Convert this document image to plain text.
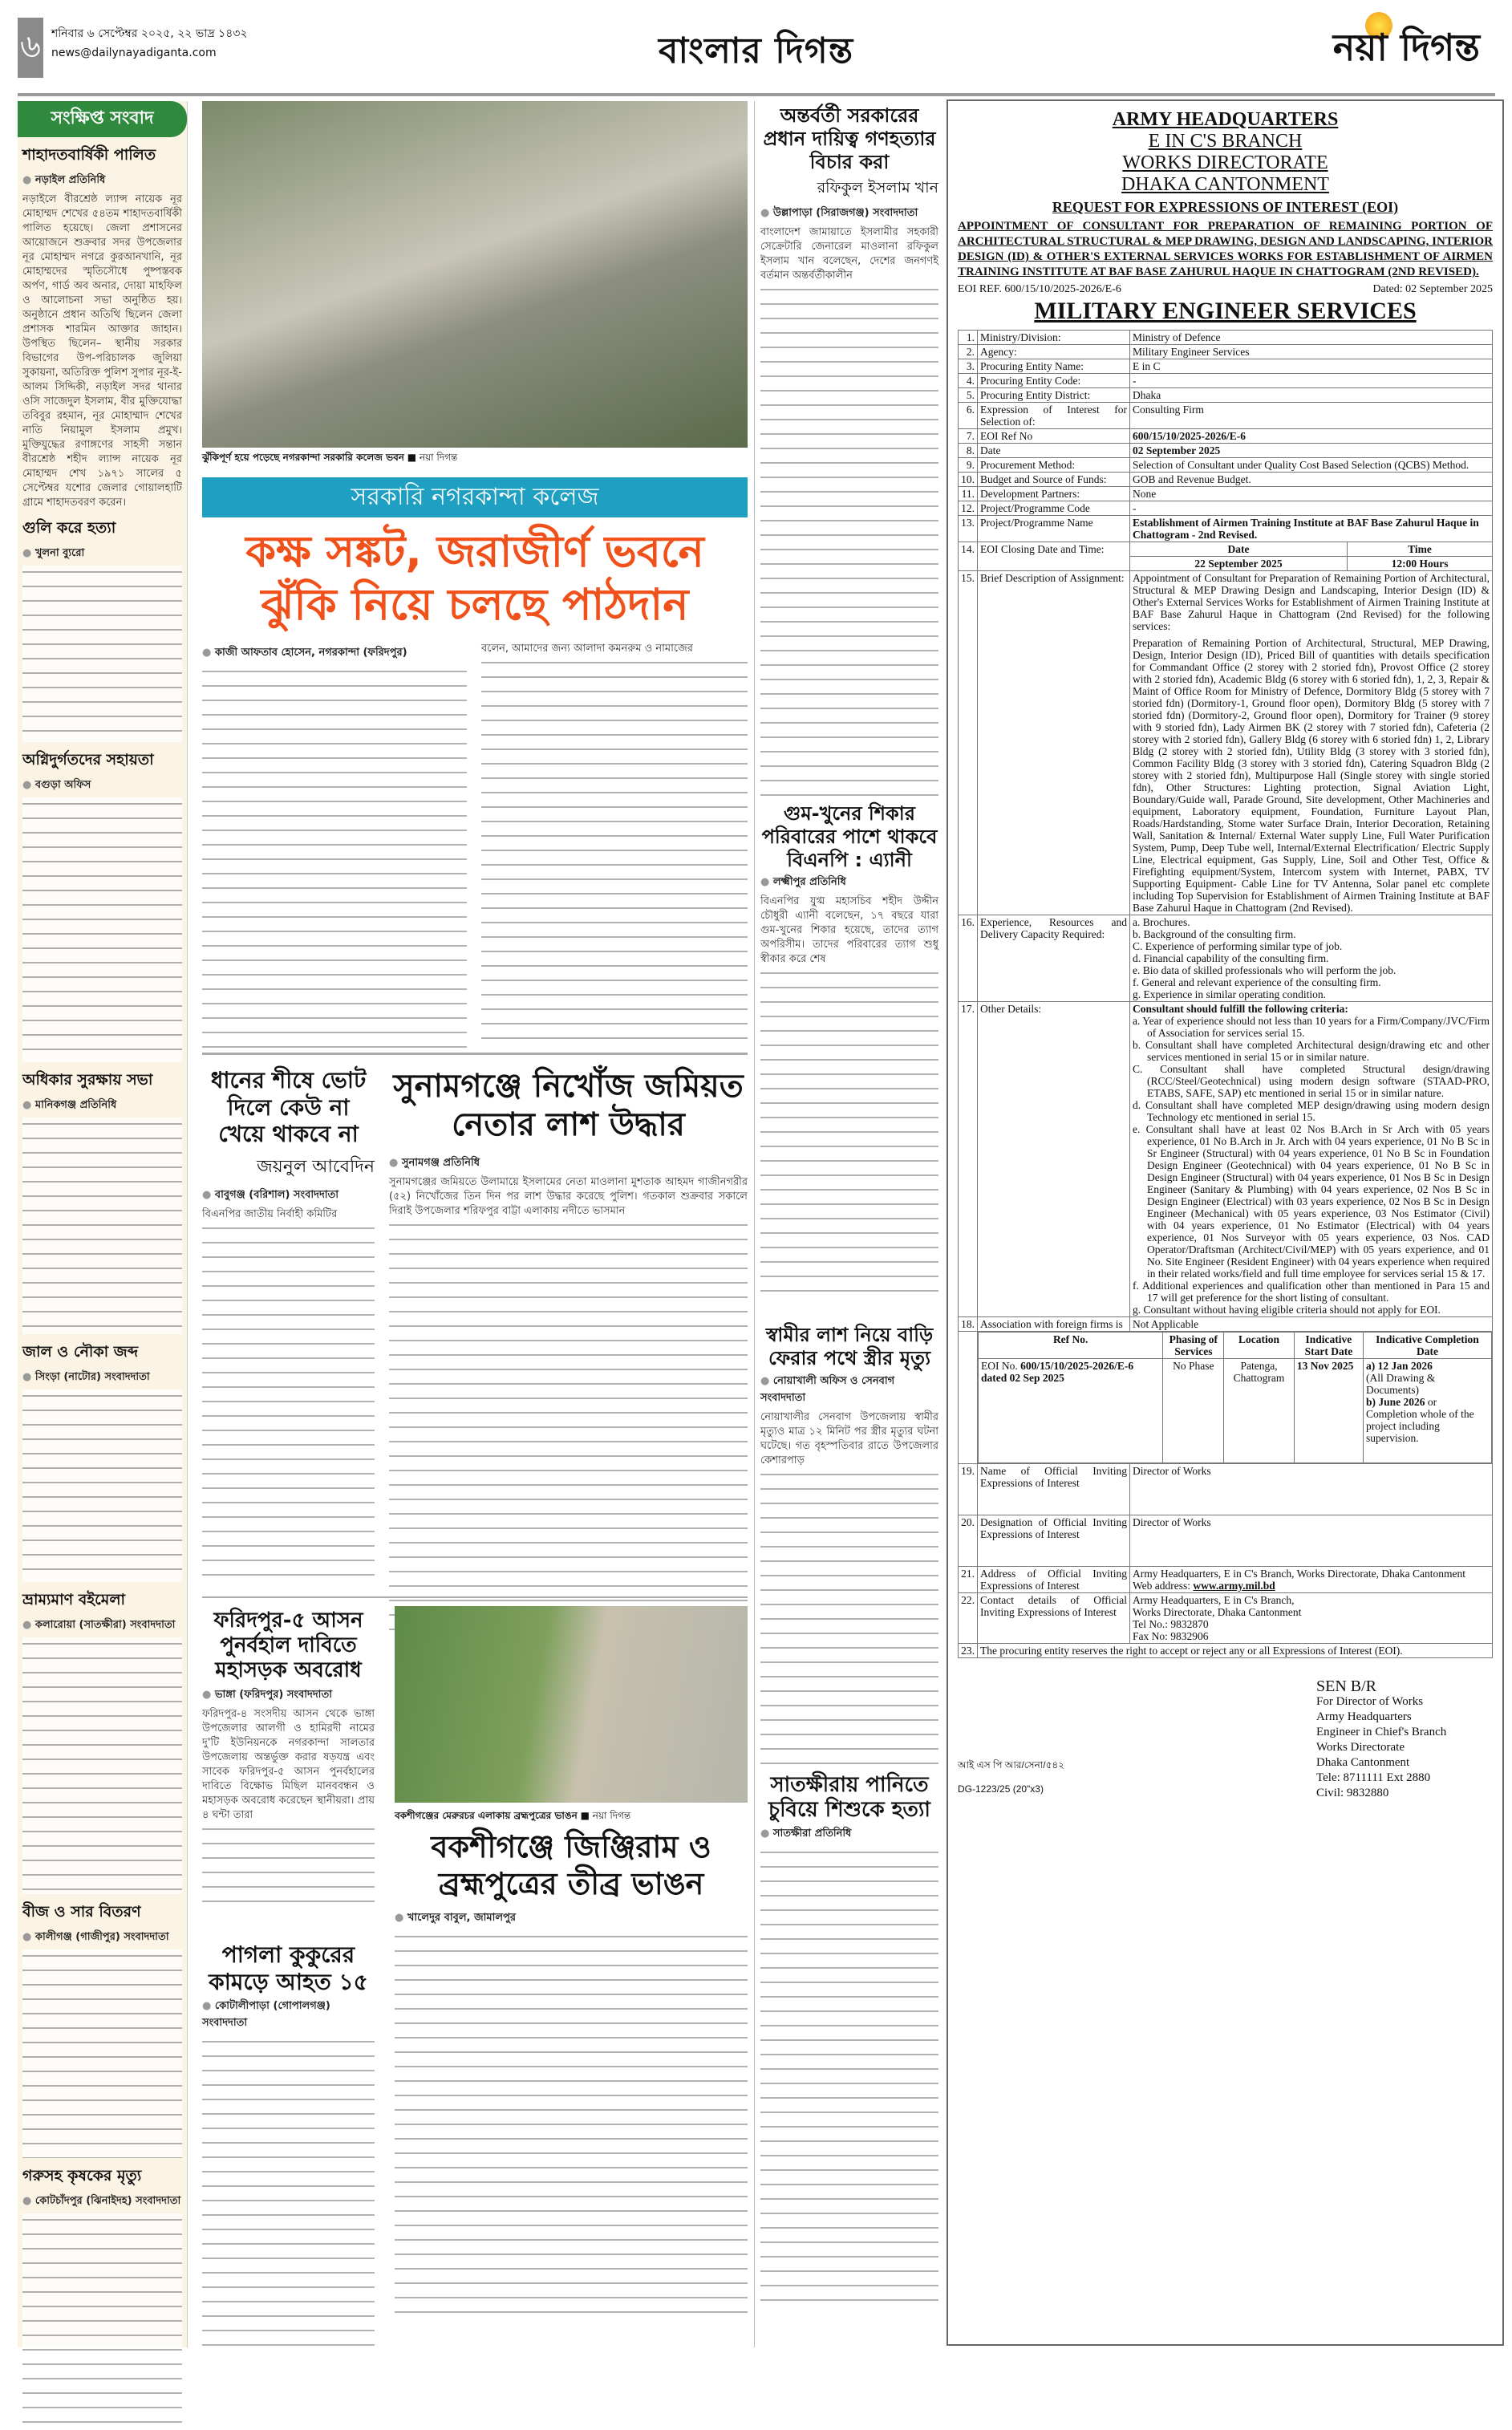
৬ শনিবার ৬ সেপ্টেম্বর ২০২৫, ২২ ভাদ্র ১৪৩২
news@dailynayadiganta.com	বাংলার দিগন্ত	নয়া দিগন্ত
সংক্ষিপ্ত সংবাদ
শাহাদতবার্ষিকী পালিত
● নড়াইল প্রতিনিধি
নড়াইলে বীরশ্রেষ্ঠ ল্যান্স নায়েক নূর মোহাম্মদ শেখের ৫৪তম শাহাদতবার্ষিকী পালিত হয়েছে। জেলা প্রশাসনের আয়োজনে শুক্রবার সদর উপজেলার নূর মোহাম্মদ নগরে কুরআনখানি, নূর মোহাম্মদের স্মৃতিসৌধে পুষ্পস্তবক অর্পণ, গার্ড অব অনার, দোয়া মাহফিল ও আলোচনা সভা অনুষ্ঠিত হয়। অনুষ্ঠানে প্রধান অতিথি ছিলেন জেলা প্রশাসক শারমিন আক্তার জাহান। উপস্থিত ছিলেন– স্থানীয় সরকার বিভাগের উপ-পরিচালক জুলিয়া সুকায়না, অতিরিক্ত পুলিশ সুপার নূর-ই-আলম সিদ্দিকী, নড়াইল সদর থানার ওসি সাজেদুল ইসলাম, বীর মুক্তিযোদ্ধা তবিবুর রহমান, নূর মোহাম্মাদ শেখের নাতি নিয়ামুল ইসলাম প্রমুখ। মুক্তিযুদ্ধের রণাঙ্গণের সাহসী সন্তান বীরশ্রেষ্ঠ শহীদ ল্যান্স নায়েক নূর মোহাম্মদ শেখ ১৯৭১ সালের ৫ সেপ্টেম্বর যশোর জেলার গোয়ালহাটি গ্রামে শাহাদতবরণ করেন।
গুলি করে হত্যা
● খুলনা ব্যুরো
অগ্নিদুর্গতদের সহায়তা
● বগুড়া অফিস
অধিকার সুরক্ষায় সভা
● মানিকগঞ্জ প্রতিনিধি
জাল ও নৌকা জব্দ
● সিংড়া (নাটোর) সংবাদদাতা
ভ্রাম্যমাণ বইমেলা
● কলারোয়া (সাতক্ষীরা) সংবাদদাতা
বীজ ও সার বিতরণ
● কালীগঞ্জ (গাজীপুর) সংবাদদাতা
গরুসহ কৃষকের মৃত্যু
● কোটচাঁদপুর (ঝিনাইদহ) সংবাদদাতা
ঝুঁকিপূর্ণ হয়ে পড়েছে নগরকান্দা সরকারি কলেজ ভবন ■ নয়া দিগন্ত
সরকারি নগরকান্দা কলেজ
কক্ষ সঙ্কট, জরাজীর্ণ ভবনে ঝুঁকি নিয়ে চলছে পাঠদান
● কাজী আফতাব হোসেন, নগরকান্দা (ফরিদপুর)	বলেন, আমাদের জন্য আলাদা কমনরুম ও নামাজের
ধানের শীষে ভোট দিলে কেউ না খেয়ে থাকবে না
জয়নুল আবেদিন
● বাবুগঞ্জ (বরিশাল) সংবাদদাতা
বিএনপির জাতীয় নির্বাহী কমিটির
সুনামগঞ্জে নিখোঁজ জমিয়ত নেতার লাশ উদ্ধার
● সুনামগঞ্জ প্রতিনিধি
সুনামগঞ্জের জমিয়তে উলামায়ে ইসলামের নেতা মাওলানা মুশতাক আহমদ গাজীনগরীর (৫২) নিখোঁজের তিন দিন পর লাশ উদ্ধার করেছে পুলিশ। গতকাল শুক্রবার সকালে দিরাই উপজেলার শরিফপুর বাট্টা এলাকায় নদীতে ভাসমান
ফরিদপুর-৫ আসন পুনর্বহাল দাবিতে মহাসড়ক অবরোধ
● ভাঙ্গা (ফরিদপুর) সংবাদদাতা
ফরিদপুর-৪ সংসদীয় আসন থেকে ভাঙ্গা উপজেলার আলগী ও হামিরদী নামের দু'টি ইউনিয়নকে নগরকান্দা সালতার উপজেলায় অন্তর্ভুক্ত করার ষড়যন্ত্র এবং সাবেক ফরিদপুর-৫ আসন পুনর্বহালের দাবিতে বিক্ষোভ মিছিল মানববন্ধন ও মহাসড়ক অবরোধ করেছেন স্থানীয়রা। প্রায় ৪ ঘন্টা তারা
পাগলা কুকুরের কামড়ে আহত ১৫
● কোটালীপাড়া (গোপালগঞ্জ) সংবাদদাতা
বকশীগঞ্জের মেরুরচর এলাকায় ব্রহ্মপুত্রের ভাঙন ■ নয়া দিগন্ত
বকশীগঞ্জে জিঞ্জিরাম ও ব্রহ্মপুত্রের তীব্র ভাঙন
● খালেদুর বাবুল, জামালপুর
অন্তর্বর্তী সরকারের প্রধান দায়িত্ব গণহত্যার বিচার করা
রফিকুল ইসলাম খান
● উল্লাপাড়া (সিরাজগঞ্জ) সংবাদদাতা
বাংলাদেশ জামায়াতে ইসলামীর সহকারী সেক্রেটারি জেনারেল মাওলানা রফিকুল ইসলাম খান বলেছেন, দেশের জনগণই বর্তমান অন্তর্বর্তীকালীন
গুম-খুনের শিকার পরিবারের পাশে থাকবে বিএনপি : এ্যানী
● লক্ষ্মীপুর প্রতিনিধি
বিএনপির যুগ্ম মহাসচিব শহীদ উদ্দীন চৌধুরী এ্যানী বলেছেন, ১৭ বছরে যারা গুম-খুনের শিকার হয়েছে, তাদের ত্যাগ অপরিসীম। তাদের পরিবারের ত্যাগ শুধু স্বীকার করে শেষ
স্বামীর লাশ নিয়ে বাড়ি ফেরার পথে স্ত্রীর মৃত্যু
● নোয়াখালী অফিস ও সেনবাগ সংবাদদাতা
নোয়াখালীর সেনবাগ উপজেলায় স্বামীর মৃত্যুও মাত্র ১২ মিনিট পর স্ত্রীর মৃত্যুর ঘটনা ঘটেছে। গত বৃহস্পতিবার রাতে উপজেলার কেশারপাড়
সাতক্ষীরায় পানিতে চুবিয়ে শিশুকে হত্যা
● সাতক্ষীরা প্রতিনিধি
ARMY HEADQUARTERS
E IN C'S BRANCH
WORKS DIRECTORATE
DHAKA CANTONMENT
REQUEST FOR EXPRESSIONS OF INTEREST (EOI)
APPOINTMENT OF CONSULTANT FOR PREPARATION OF REMAINING PORTION OF ARCHITECTURAL STRUCTURAL & MEP DRAWING, DESIGN AND LANDSCAPING, INTERIOR DESIGN (ID) & OTHER'S EXTERNAL SERVICES WORKS FOR ESTABLISHMENT OF AIRMEN TRAINING INSTITUTE AT BAF BASE ZAHURUL HAQUE IN CHATTOGRAM (2ND REVISED).
EOI REF. 600/15/10/2025-2026/E-6	Dated: 02 September 2025
MILITARY ENGINEER SERVICES
1.	Ministry/Division:	Ministry of Defence
2.	Agency:	Military Engineer Services
3.	Procuring Entity Name:	E in C
4.	Procuring Entity Code:	-
5.	Procuring Entity District:	Dhaka
6.	Expression of Interest for Selection of:	Consulting Firm
7.	EOI Ref No	600/15/10/2025-2026/E-6
8.	Date	02 September 2025
9.	Procurement Method:	Selection of Consultant under Quality Cost Based Selection (QCBS) Method.
10.	Budget and Source of Funds:	GOB and Revenue Budget.
11.	Development Partners:	None
12.	Project/Programme Code	-
13.	Project/Programme Name	Establishment of Airmen Training Institute at BAF Base Zahurul Haque in Chattogram - 2nd Revised.
14.	EOI Closing Date and Time:		Date	Time
22 September 2025	12:00 Hours

15.	Brief Description of Assignment:	Appointment of Consultant for Preparation of Remaining Portion of Architectural, Structural & MEP Drawing Design and Landscaping, Interior Design (ID) & Other's External Services Works for Establishment of Airmen Training Institute at BAF Base Zahurul Haque in Chattogram (2nd Revised) for the following services:

Preparation of Remaining Portion of Architectural, Structural, MEP Drawing, Design, Interior Design (ID), Priced Bill of quantities with details specification for Commandant Office (2 storey with 2 storied fdn), Provost Office (2 storey with 2 storied fdn), Academic Bldg (6 storey with 6 storied fdn), 1, 2, 3, Repair & Maint of Office Room for Ministry of Defence, Dormitory Bldg (5 storey with 7 storied fdn) (Dormitory-1, Ground floor open), Dormitory Bldg (5 storey with 7 storied fdn) (Dormitory-2, Ground floor open), Dormitory for Trainer (9 storey with 9 storied fdn), Lady Airmen BK (2 storey with 7 storied fdn), Cafeteria (2 storey with 2 storied fdn), Gallery Bldg (6 storey with 6 storied fdn) 1, 2, Library Bldg (2 storey with 2 storied fdn), Utility Bldg (3 storey with 3 storied fdn), Common Facility Bldg (3 storey with 3 storied fdn), Catering Squadron Bldg (2 storey with 2 storied fdn), Multipurpose Hall (Single storey with single storied fdn), Other Structures: Lighting protection, Signal Aviation Light, Boundary/Guide wall, Parade Ground, Site development, Other Machineries and equipment, Laboratory equipment, Foundation, Furniture Layout Plan, Roads/Hardstanding, Stome water Surface Drain, Interior Decoration, Retaining Wall, Sanitation & Internal/ External Water supply Line, Full Water Purification System, Pump, Deep Tube well, Internal/External Electrification/ Electric Supply Line, Electrical equipment, Gas Supply, Line, Soil and Other Test, Office & Firefighting equipment/System, Intercom system with Internet, PABX, TV Supporting Equipment- Cable Line for TV Antenna, Solar panel etc complete including Top Supervision for Establishment of Airmen Training Institute at BAF Base Zahurul Haque in Chattogram (2nd Revised).

16.	Experience, Resources and Delivery Capacity Required:	
a. Brochures.
b. Background of the consulting firm.
C. Experience of performing similar type of job.
d. Financial capability of the consulting firm.
e. Bio data of skilled professionals who will perform the job.
f. General and relevant experience of the consulting firm.
g. Experience in similar operating condition.

17.	Other Details:	Consultant should fulfill the following criteria:
a. Year of experience should not less than 10 years for a Firm/Company/JVC/Firm of Association for services serial 15.
b. Consultant shall have completed Architectural design/drawing etc and other services mentioned in serial 15 or in similar nature.
C. Consultant shall have completed Structural design/drawing (RCC/Steel/Geotechnical) using modern design software (STAAD-PRO, ETABS, SAFE, SAP) etc mentioned in serial 15 or in similar nature.
d. Consultant shall have completed MEP design/drawing using modern design Technology etc mentioned in serial 15.
e. Consultant shall have at least 02 Nos B.Arch in Sr Arch with 05 years experience, 01 No B.Arch in Jr. Arch with 04 years experience, 01 No B Sc in Sr Engineer (Structural) with 04 years experience, 01 No B Sc in Foundation Design Engineer (Geotechnical) with 04 years experience, 01 No B Sc in Design Engineer (Structural) with 04 years experience, 01 Nos B Sc in Design Engineer (Sanitary & Plumbing) with 04 years experience, 02 Nos B Sc in Design Engineer (Electrical) with 03 years experience, 02 Nos B Sc in Design Engineer (Mechanical) with 05 years experience, 03 Nos Estimator (Civil) with 04 years experience, 01 No Estimator (Electrical) with 04 years experience, 01 Nos Surveyor with 05 years experience, 03 Nos. CAD Operator/Draftsman (Architect/Civil/MEP) with 05 years experience, and 01 No. Site Engineer (Resident Engineer) with 04 years experience when required in their related works/field and full time employee for services serial 15 & 17.
f. Additional experiences and qualification other than mentioned in Para 15 and 17 will get preference for the short listing of consultant.
g. Consultant without having eligible criteria should not apply for EOI.

18.	Association with foreign firms is	Not Applicable

Ref No.	Phasing of Services	Location	Indicative Start Date	Indicative Completion Date
EOI No. 600/15/10/2025-2026/E-6 dated 02 Sep 2025	No Phase	Patenga, Chattogram	13 Nov 2025	a) 12 Jan 2026
(All Drawing & Documents)
b) June 2026 or Completion whole of the project including supervision.

19.	Name of Official Inviting Expressions of Interest	Director of Works
20.	Designation of Official Inviting Expressions of Interest	Director of Works
21.	Address of Official Inviting Expressions of Interest	
Army Headquarters, E in C's Branch, Works Directorate, Dhaka Cantonment
Web address: www.army.mil.bd
22.	Contact details of Official Inviting Expressions of Interest	
Army Headquarters, E in C's Branch,
Works Directorate, Dhaka Cantonment
Tel No.: 9832870
Fax No: 9832906

23.	The procuring entity reserves the right to accept or reject any or all Expressions of Interest (EOI).
আই এস পি আর/সেনা/৫৪২
DG-1223/25 (20"x3)
SEN B/R
For Director of Works
Army Headquarters
Engineer in Chief's Branch
Works Directorate
Dhaka Cantonment
Tele: 8711111 Ext 2880
Civil: 9832880
